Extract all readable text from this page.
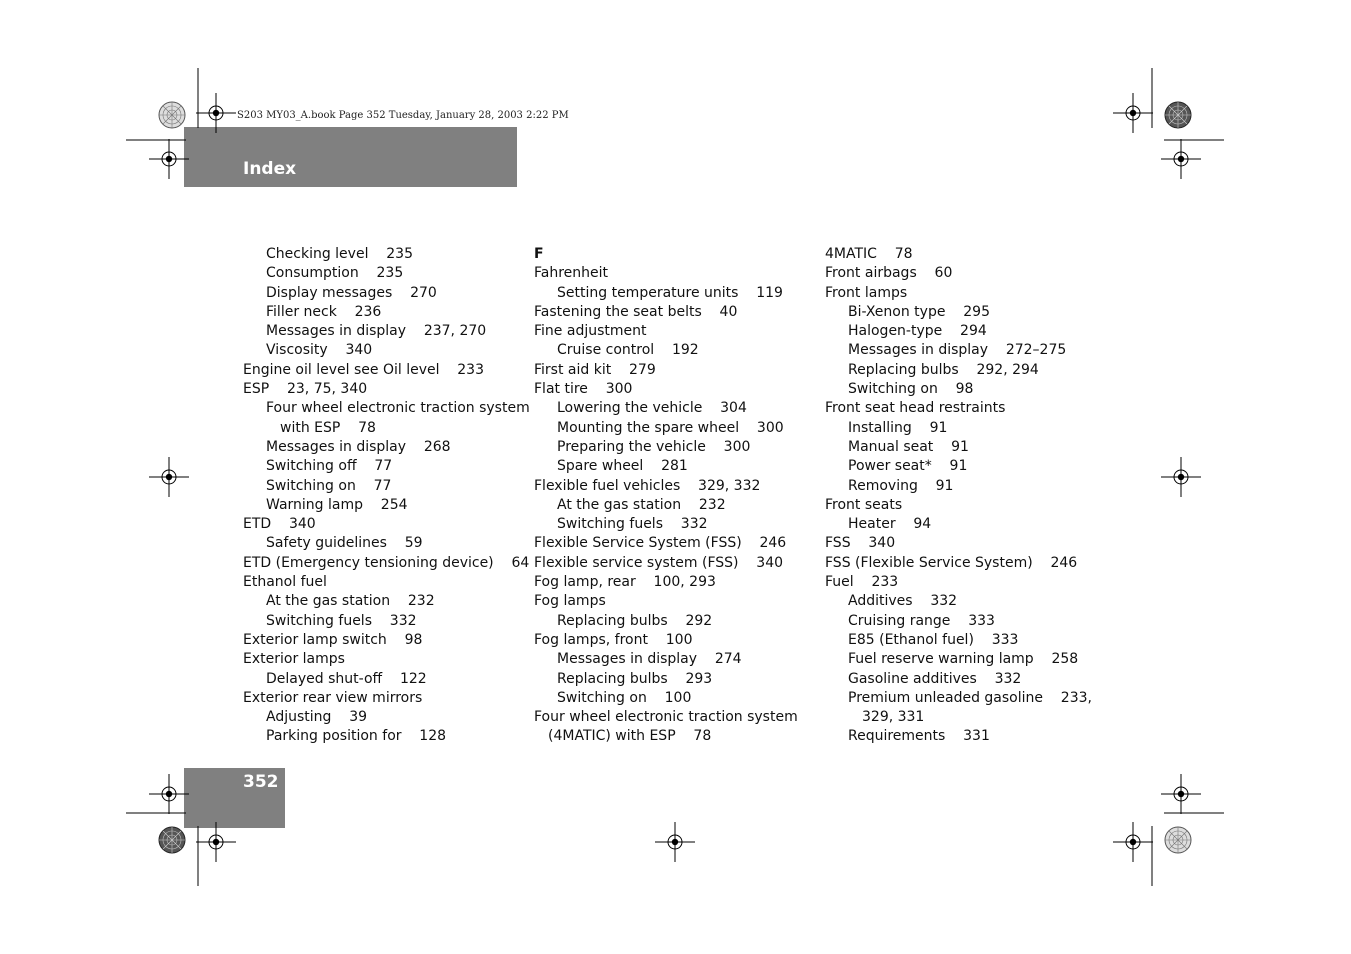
S203 MY03_A.book Page 352 Tuesday, January 28, 2003 2:22 PM
Index
Checking level    235
Consumption    235
Display messages    270
Filler neck    236
Messages in display    237, 270
Viscosity    340
Engine oil level see Oil level    233
ESP    23, 75, 340
Four wheel electronic traction system
with ESP    78
Messages in display    268
Switching off    77
Switching on    77
Warning lamp    254
ETD    340
Safety guidelines    59
ETD (Emergency tensioning device)    64
Ethanol fuel
At the gas station    232
Switching fuels    332
Exterior lamp switch    98
Exterior lamps
Delayed shut-off    122
Exterior rear view mirrors
Adjusting    39
Parking position for    128
F
Fahrenheit
Setting temperature units    119
Fastening the seat belts    40
Fine adjustment
Cruise control    192
First aid kit    279
Flat tire    300
Lowering the vehicle    304
Mounting the spare wheel    300
Preparing the vehicle    300
Spare wheel    281
Flexible fuel vehicles    329, 332
At the gas station    232
Switching fuels    332
Flexible Service System (FSS)    246
Flexible service system (FSS)    340
Fog lamp, rear    100, 293
Fog lamps
Replacing bulbs    292
Fog lamps, front    100
Messages in display    274
Replacing bulbs    293
Switching on    100
Four wheel electronic traction system
(4MATIC) with ESP    78
4MATIC    78
Front airbags    60
Front lamps
Bi-Xenon type    295
Halogen-type    294
Messages in display    272–275
Replacing bulbs    292, 294
Switching on    98
Front seat head restraints
Installing    91
Manual seat    91
Power seat*    91
Removing    91
Front seats
Heater    94
FSS    340
FSS (Flexible Service System)    246
Fuel    233
Additives    332
Cruising range    333
E85 (Ethanol fuel)    333
Fuel reserve warning lamp    258
Gasoline additives    332
Premium unleaded gasoline    233,
329, 331
Requirements    331
352
